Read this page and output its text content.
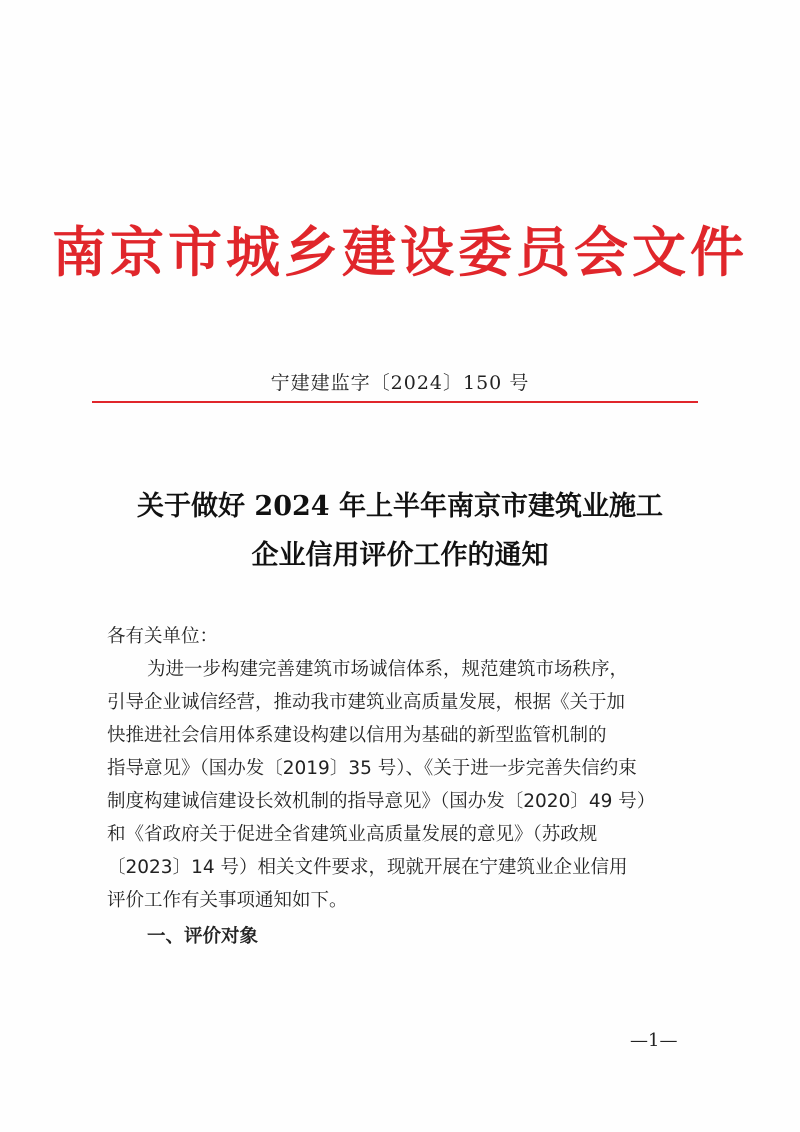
南京市城乡建设委员会文件
宁建建监字〔2024〕150 号
关于做好 2024 年上半年南京市建筑业施工
企业信用评价工作的通知
各有关单位：
为进一步构建完善建筑市场诚信体系，规范建筑市场秩序，
引导企业诚信经营，推动我市建筑业高质量发展，根据《关于加
快推进社会信用体系建设构建以信用为基础的新型监管机制的
指导意见》（国办发〔2019〕35 号）、《关于进一步完善失信约束
制度构建诚信建设长效机制的指导意见》（国办发〔2020〕49 号）
和《省政府关于促进全省建筑业高质量发展的意见》（苏政规
〔2023〕14 号）相关文件要求，现就开展在宁建筑业企业信用
评价工作有关事项通知如下。
一、评价对象
—1—
